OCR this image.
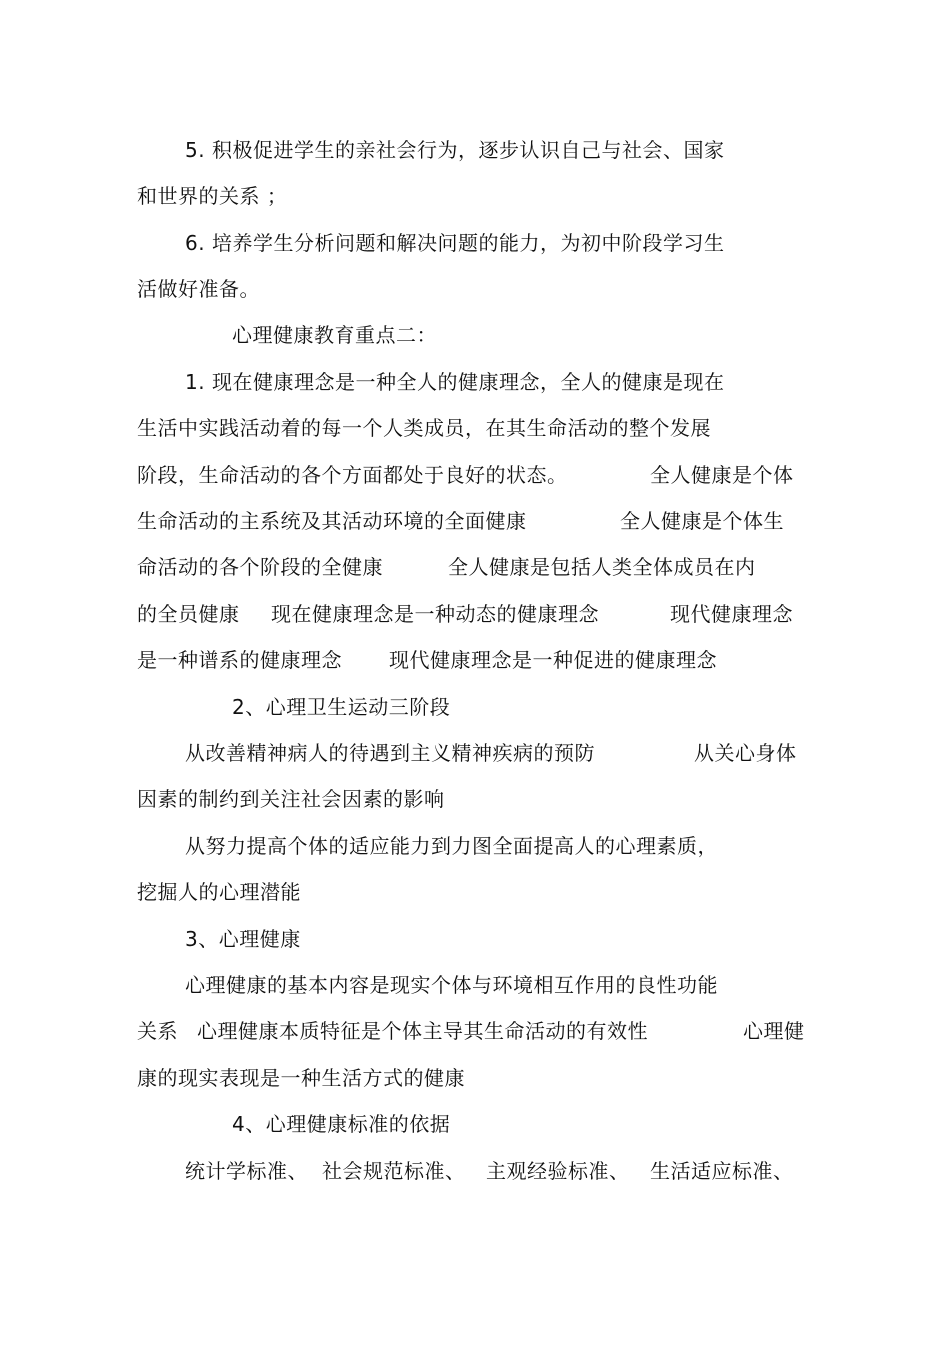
5. 积极促进学生的亲社会行为，逐步认识自己与社会、国家
和世界的关系 ；
6. 培养学生分析问题和解决问题的能力，为初中阶段学习生
活做好准备。
心理健康教育重点二：
1. 现在健康理念是一种全人的健康理念，全人的健康是现在
生活中实践活动着的每一个人类成员，在其生命活动的整个发展
阶段，生命活动的各个方面都处于良好的状态。	全人健康是个体
生命活动的主系统及其活动环境的全面健康	全人健康是个体生
命活动的各个阶段的全健康	全人健康是包括人类全体成员在内
的全员健康 现在健康理念是一种动态的健康理念	现代健康理念
是一种谱系的健康理念 现代健康理念是一种促进的健康理念
2、心理卫生运动三阶段
从改善精神病人的待遇到主义精神疾病的预防	从关心身体
因素的制约到关注社会因素的影响
从努力提高个体的适应能力到力图全面提高人的心理素质，
挖掘人的心理潜能
3、心理健康
心理健康的基本内容是现实个体与环境相互作用的良性功能
关系 心理健康本质特征是个体主导其生命活动的有效性	心理健
康的现实表现是一种生活方式的健康
4、心理健康标准的依据
统计学标准、 社会规范标准、 主观经验标准、 生活适应标准、
